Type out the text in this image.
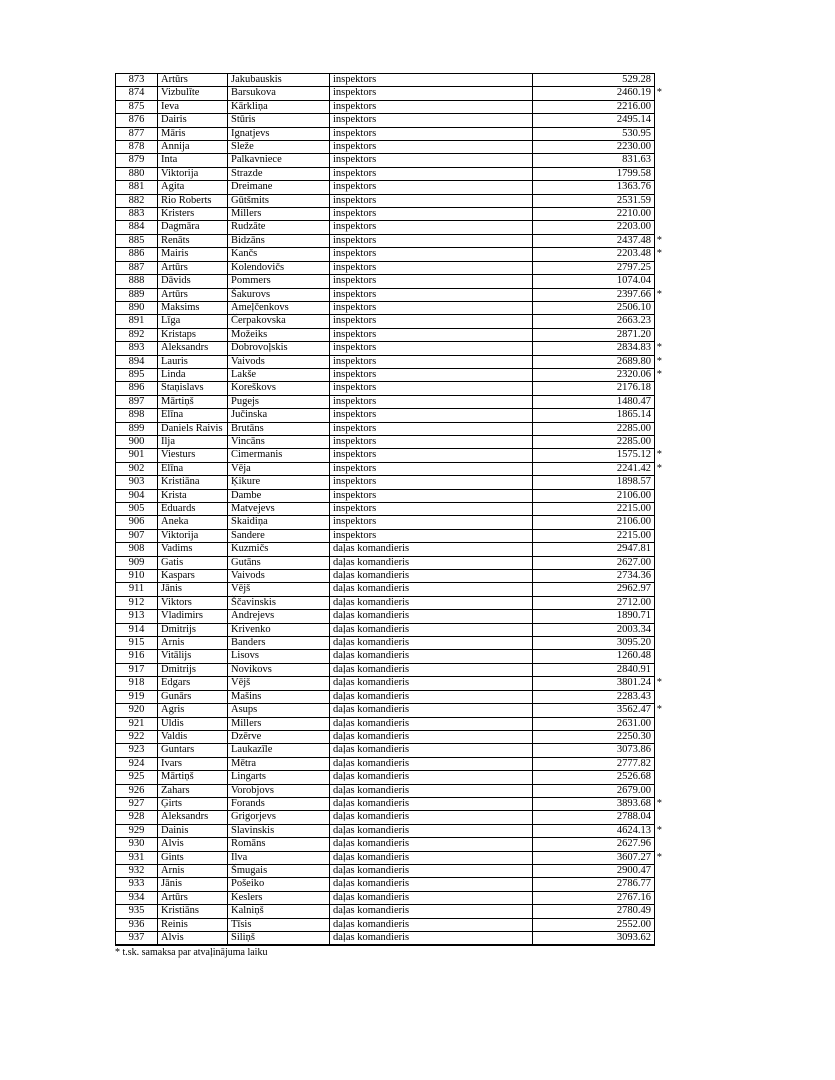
873	Artūrs	Jakubauskis	inspektors	529.28

874	Vizbulīte	Barsukova	inspektors	2460.19 *

875	Ieva	Kārkliņa	inspektors	2216.00

876	Dairis	Stūris	inspektors	2495.14

877	Māris	Ignatjevs	inspektors	530.95

878	Annija	Sleže	inspektors	2230.00

879	Inta	Palkavniece	inspektors	831.63

880	Viktorija	Strazde	inspektors	1799.58

881	Agita	Dreimane	inspektors	1363.76

882	Rio Roberts	Gūtšmits	inspektors	2531.59

883	Kristers	Millers	inspektors	2210.00

884	Dagmāra	Rudzāte	inspektors	2203.00

885	Renāts	Bidzāns	inspektors	2437.48 *

886	Mairis	Kančs	inspektors	2203.48 *

887	Artūrs	Kolendovičs	inspektors	2797.25

888	Dāvids	Pommers	inspektors	1074.04

889	Artūrs	Šakurovs	inspektors	2397.66 *

890	Maksims	Ameļčenkovs	inspektors	2506.10

891	Līga	Čerpakovska	inspektors	2663.23

892	Kristaps	Možeiks	inspektors	2871.20

893	Aleksandrs	Dobrovoļskis	inspektors	2834.83 *

894	Lauris	Vaivods	inspektors	2689.80 *

895	Linda	Lakše	inspektors	2320.06 *

896	Staņislavs	Koreškovs	inspektors	2176.18

897	Mārtiņš	Pugejs	inspektors	1480.47

898	Elīna	Jučinska	inspektors	1865.14

899	Daniels Raivis	Brutāns	inspektors	2285.00

900	Ilja	Vincāns	inspektors	2285.00

901	Viesturs	Cimermanis	inspektors	1575.12 *

902	Elīna	Vēja	inspektors	2241.42 *

903	Kristiāna	Ķikure	inspektors	1898.57

904	Krista	Dambe	inspektors	2106.00

905	Eduards	Matvejevs	inspektors	2215.00

906	Aneka	Skaidiņa	inspektors	2106.00

907	Viktorija	Sandere	inspektors	2215.00

908	Vadims	Kuzmičs	daļas komandieris	2947.81

909	Gatis	Gutāns	daļas komandieris	2627.00

910	Kaspars	Vaivods	daļas komandieris	2734.36

911	Jānis	Vējš	daļas komandieris	2962.97

912	Viktors	Ščavinskis	daļas komandieris	2712.00

913	Vladimirs	Andrejevs	daļas komandieris	1890.71

914	Dmitrijs	Krivenko	daļas komandieris	2003.34

915	Arnis	Banders	daļas komandieris	3095.20

916	Vitālijs	Lisovs	daļas komandieris	1260.48

917	Dmitrijs	Novikovs	daļas komandieris	2840.91

918	Edgars	Vējš	daļas komandieris	3801.24 *

919	Gunārs	Mašins	daļas komandieris	2283.43

920	Agris	Asups	daļas komandieris	3562.47 *

921	Uldis	Millers	daļas komandieris	2631.00

922	Valdis	Dzērve	daļas komandieris	2250.30

923	Guntars	Laukazīle	daļas komandieris	3073.86

924	Ivars	Mētra	daļas komandieris	2777.82

925	Mārtiņš	Lingarts	daļas komandieris	2526.68

926	Zahars	Vorobjovs	daļas komandieris	2679.00

927	Ģirts	Forands	daļas komandieris	3893.68 *

928	Aleksandrs	Grigorjevs	daļas komandieris	2788.04

929	Dainis	Slavinskis	daļas komandieris	4624.13 *

930	Alvis	Romāns	daļas komandieris	2627.96

931	Gints	Ilva	daļas komandieris	3607.27 *

932	Arnis	Šmugais	daļas komandieris	2900.47

933	Jānis	Pošeiko	daļas komandieris	2786.77

934	Artūrs	Keslers	daļas komandieris	2767.16

935	Kristiāns	Kalniņš	daļas komandieris	2780.49

936	Reinis	Tīsis	daļas komandieris	2552.00

937	Alvis	Siliņš	daļas komandieris	3093.62
* t.sk. samaksa par atvaļinājuma laiku
